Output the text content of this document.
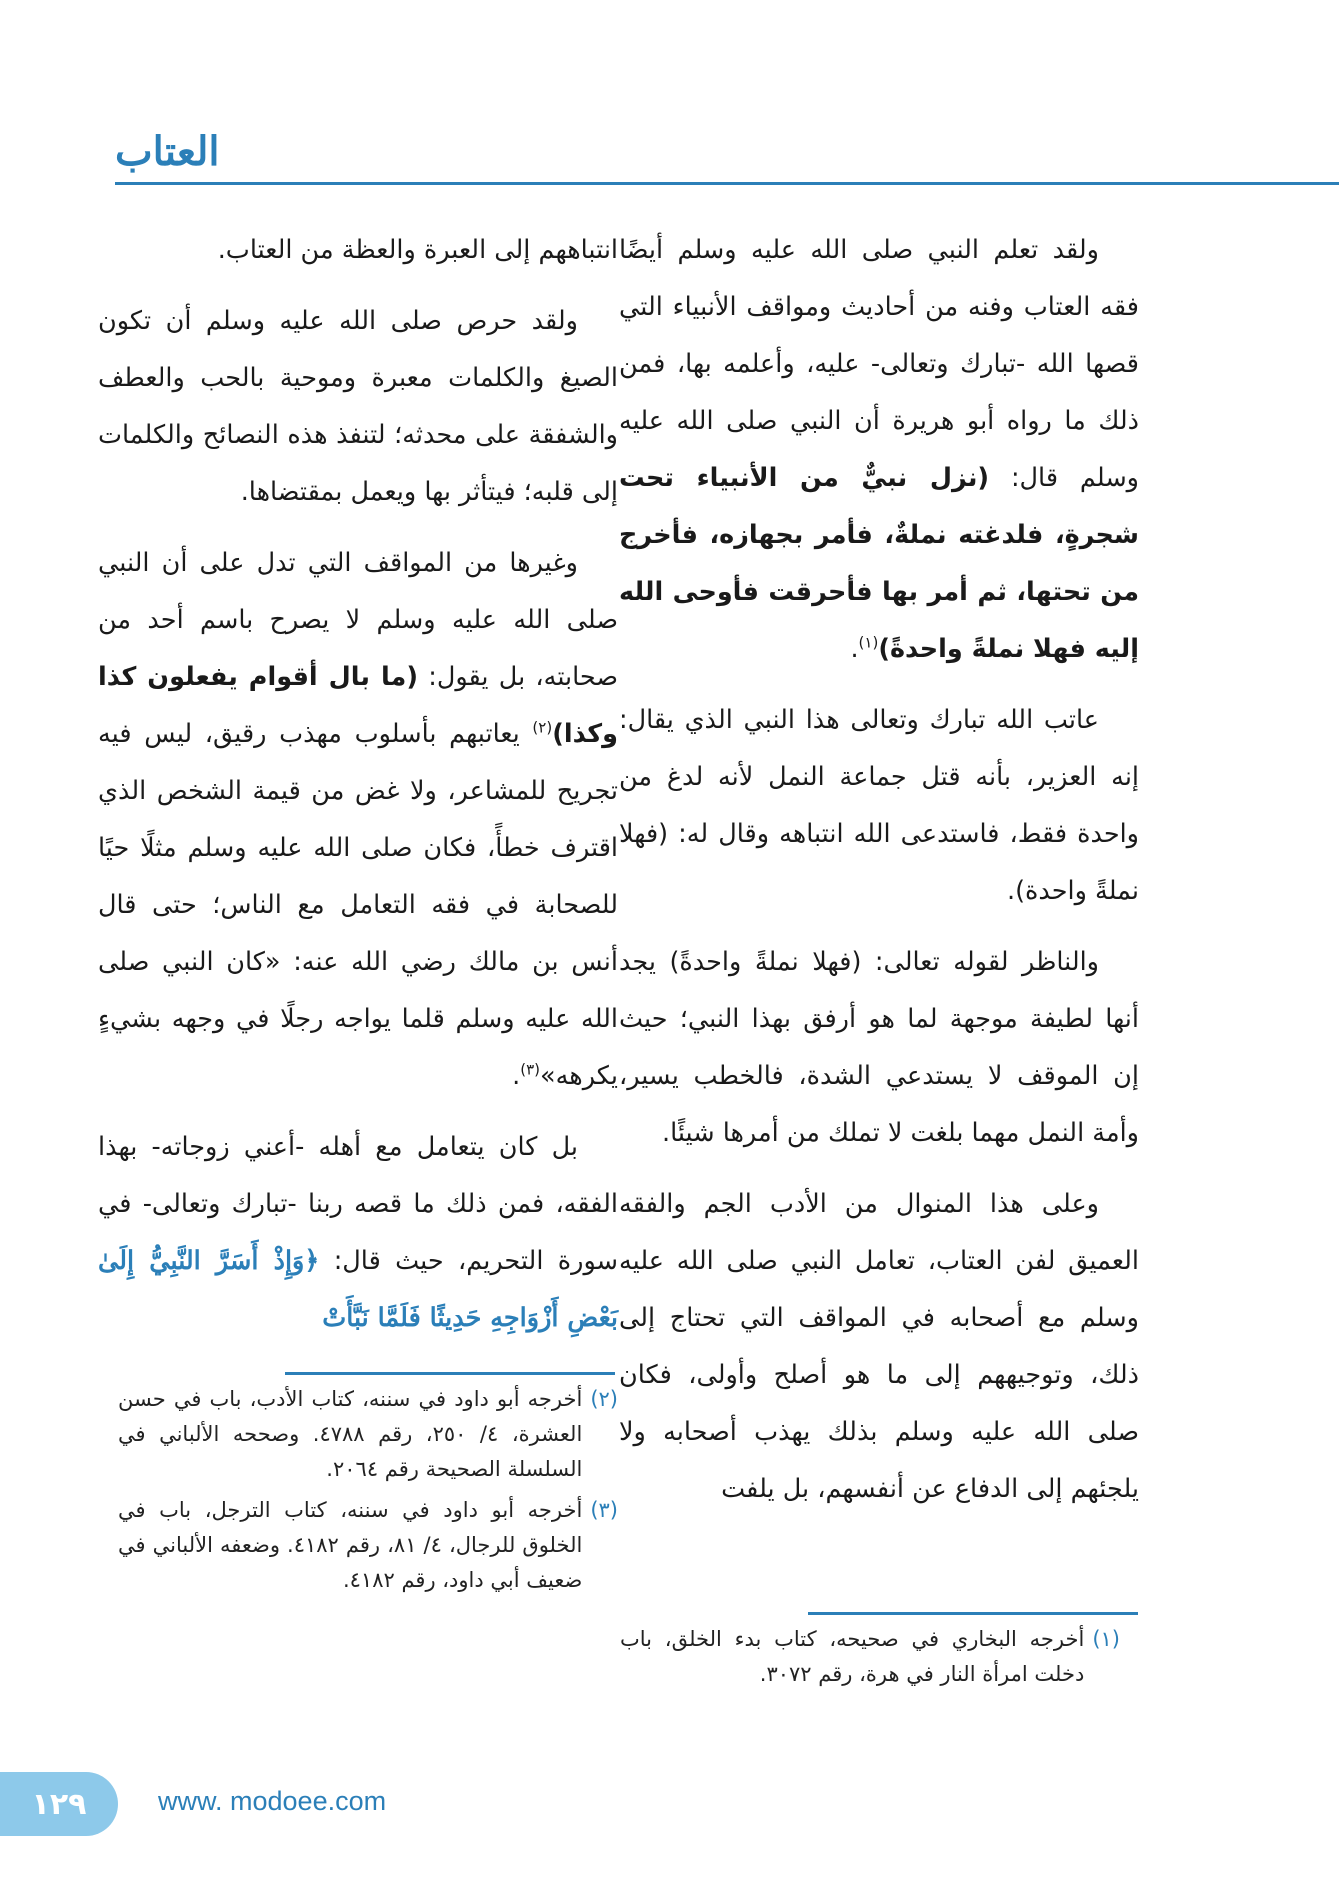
العتاب

ولقد تعلم النبي صلى الله عليه وسلم أيضًا فقه العتاب وفنه من أحاديث ومواقف الأنبياء التي قصها الله -تبارك وتعالى- عليه، وأعلمه بها، فمن ذلك ما رواه أبو هريرة أن النبي صلى الله عليه وسلم قال: (نزل نبيٌّ من الأنبياء تحت شجرةٍ، فلدغته نملةٌ، فأمر بجهازه، فأخرج من تحتها، ثم أمر بها فأحرقت فأوحى الله إليه فهلا نملةً واحدةً)$^{(١)}$.

عاتب الله تبارك وتعالى هذا النبي الذي يقال: إنه العزير، بأنه قتل جماعة النمل لأنه لدغ من واحدة فقط، فاستدعى الله انتباهه وقال له: (فهلا نملةً واحدة).

والناظر لقوله تعالى: (فهلا نملةً واحدةً) يجد أنها لطيفة موجهة لما هو أرفق بهذا النبي؛ حيث إن الموقف لا يستدعي الشدة، فالخطب يسير، وأمة النمل مهما بلغت لا تملك من أمرها شيئًا.

وعلى هذا المنوال من الأدب الجم والفقه العميق لفن العتاب، تعامل النبي صلى الله عليه وسلم مع أصحابه في المواقف التي تحتاج إلى ذلك، وتوجيههم إلى ما هو أصلح وأولى، فكان صلى الله عليه وسلم بذلك يهذب أصحابه ولا يلجئهم إلى الدفاع عن أنفسهم، بل يلفت

انتباههم إلى العبرة والعظة من العتاب.

ولقد حرص صلى الله عليه وسلم أن تكون الصيغ والكلمات معبرة وموحية بالحب والعطف والشفقة على محدثه؛ لتنفذ هذه النصائح والكلمات إلى قلبه؛ فيتأثر بها ويعمل بمقتضاها.

وغيرها من المواقف التي تدل على أن النبي صلى الله عليه وسلم لا يصرح باسم أحد من صحابته، بل يقول: (ما بال أقوام يفعلون كذا وكذا)$^{(٢)}$ يعاتبهم بأسلوب مهذب رقيق، ليس فيه تجريح للمشاعر، ولا غض من قيمة الشخص الذي اقترف خطأً، فكان صلى الله عليه وسلم مثلًا حيًا للصحابة في فقه التعامل مع الناس؛ حتى قال أنس بن مالك رضي الله عنه: «كان النبي صلى الله عليه وسلم قلما يواجه رجلًا في وجهه بشيءٍ يكرهه»$^{(٣)}$.

بل كان يتعامل مع أهله -أعني زوجاته- بهذا الفقه، فمن ذلك ما قصه ربنا -تبارك وتعالى- في سورة التحريم، حيث قال: ﴿وَإِذْ أَسَرَّ النَّبِيُّ إِلَىٰ بَعْضِ أَزْوَاجِهِ حَدِيثًا فَلَمَّا نَبَّأَتْ

(١)
أخرجه البخاري في صحيحه، كتاب بدء الخلق، باب دخلت امرأة النار في هرة، رقم ٣٠٧٢.
(٢)
أخرجه أبو داود في سننه، كتاب الأدب، باب في حسن العشرة، ٤/ ٢٥٠، رقم ٤٧٨٨. وصححه الألباني في السلسلة الصحيحة رقم ٢٠٦٤.
(٣)
أخرجه أبو داود في سننه، كتاب الترجل، باب في الخلوق للرجال، ٤/ ٨١، رقم ٤١٨٢. وضعفه الألباني في ضعيف أبي داود، رقم ٤١٨٢.
١٢٩	www. modoee.com
